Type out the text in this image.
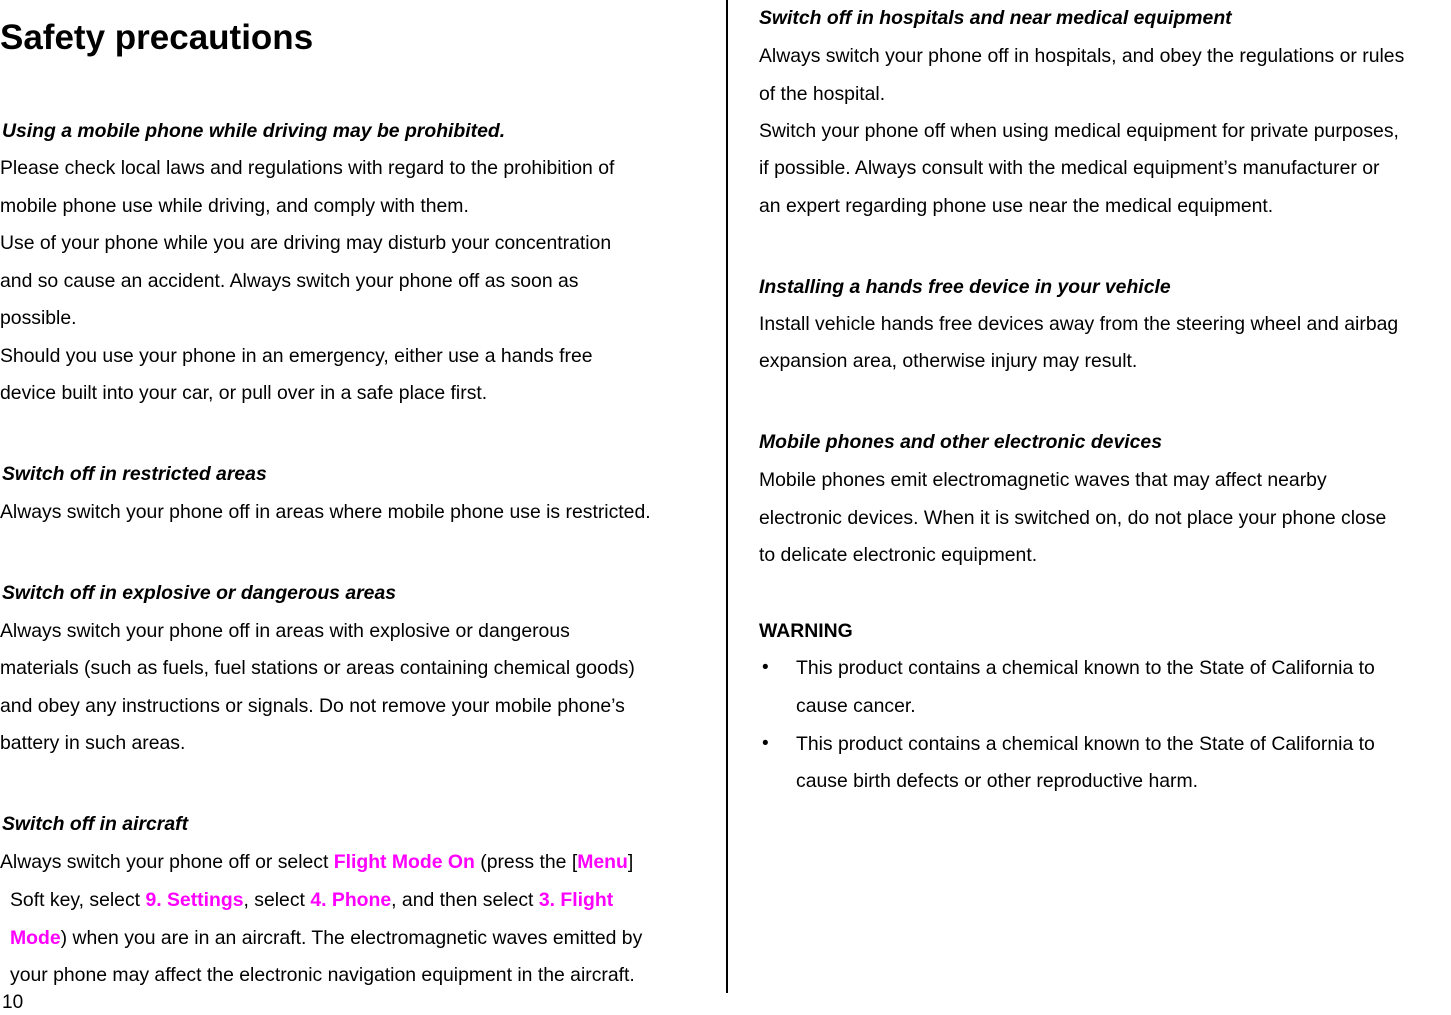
Safety precautions
Using a mobile phone while driving may be prohibited.
Please check local laws and regulations with regard to the prohibition of
mobile phone use while driving, and comply with them.
Use of your phone while you are driving may disturb your concentration
and so cause an accident. Always switch your phone off as soon as
possible.
Should you use your phone in an emergency, either use a hands free
device built into your car, or pull over in a safe place first.
Switch off in restricted areas
Always switch your phone off in areas where mobile phone use is restricted.
Switch off in explosive or dangerous areas
Always switch your phone off in areas with explosive or dangerous
materials (such as fuels, fuel stations or areas containing chemical goods)
and obey any instructions or signals. Do not remove your mobile phone’s
battery in such areas.
Switch off in aircraft
Always switch your phone off or select Flight Mode On (press the [Menu]
Soft key, select 9. Settings, select 4. Phone, and then select 3. Flight
Mode) when you are in an aircraft. The electromagnetic waves emitted by
your phone may affect the electronic navigation equipment in the aircraft.
Switch off in hospitals and near medical equipment
Always switch your phone off in hospitals, and obey the regulations or rules
of the hospital.
Switch your phone off when using medical equipment for private purposes,
if possible. Always consult with the medical equipment’s manufacturer or
an expert regarding phone use near the medical equipment.
Installing a hands free device in your vehicle
Install vehicle hands free devices away from the steering wheel and airbag
expansion area, otherwise injury may result.
Mobile phones and other electronic devices
Mobile phones emit electromagnetic waves that may affect nearby
electronic devices. When it is switched on, do not place your phone close
to delicate electronic equipment.
WARNING
• This product contains a chemical known to the State of California to
cause cancer.
• This product contains a chemical known to the State of California to
cause birth defects or other reproductive harm.
10
